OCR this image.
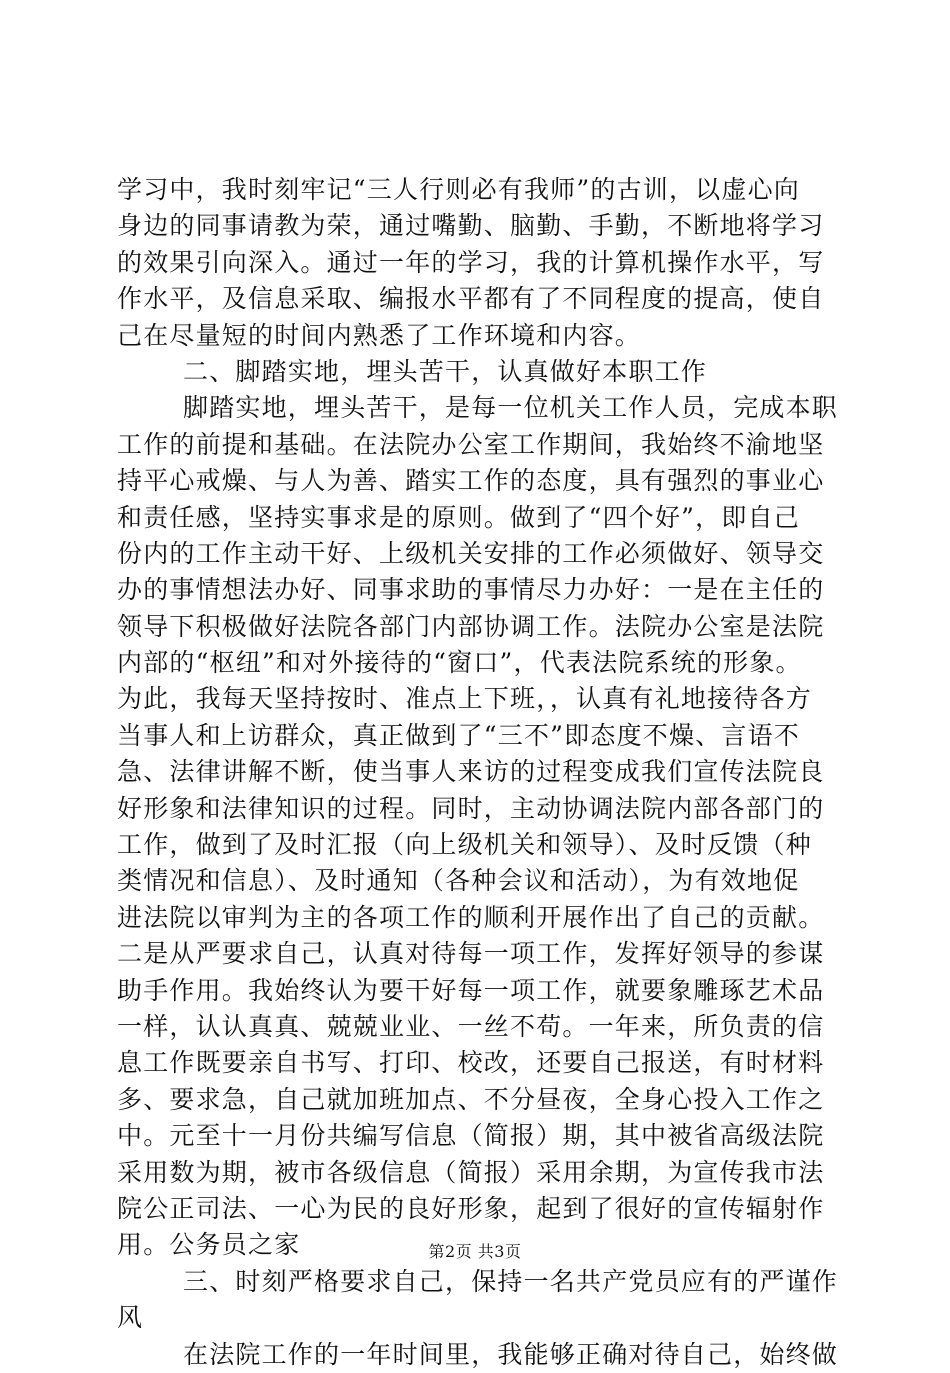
学习中，我时刻牢记“三人行则必有我师”的古训，以虚心向
身边的同事请教为荣，通过嘴勤、脑勤、手勤，不断地将学习
的效果引向深入。通过一年的学习，我的计算机操作水平，写
作水平，及信息采取、编报水平都有了不同程度的提高，使自
己在尽量短的时间内熟悉了工作环境和内容。
二、脚踏实地，埋头苦干，认真做好本职工作
脚踏实地，埋头苦干，是每一位机关工作人员，完成本职
工作的前提和基础。在法院办公室工作期间，我始终不渝地坚
持平心戒燥、与人为善、踏实工作的态度，具有强烈的事业心
和责任感，坚持实事求是的原则。做到了“四个好”，即自己
份内的工作主动干好、上级机关安排的工作必须做好、领导交
办的事情想法办好、同事求助的事情尽力办好：一是在主任的
领导下积极做好法院各部门内部协调工作。法院办公室是法院
内部的“枢纽”和对外接待的“窗口”，代表法院系统的形象。
为此，我每天坚持按时、准点上下班，，认真有礼地接待各方
当事人和上访群众，真正做到了“三不”即态度不燥、言语不
急、法律讲解不断，使当事人来访的过程变成我们宣传法院良
好形象和法律知识的过程。同时，主动协调法院内部各部门的
工作，做到了及时汇报（向上级机关和领导）、及时反馈（种
类情况和信息）、及时通知（各种会议和活动），为有效地促
进法院以审判为主的各项工作的顺利开展作出了自己的贡献。
二是从严要求自己，认真对待每一项工作，发挥好领导的参谋
助手作用。我始终认为要干好每一项工作，就要象雕琢艺术品
一样，认认真真、兢兢业业、一丝不苟。一年来，所负责的信
息工作既要亲自书写、打印、校改，还要自己报送，有时材料
多、要求急，自己就加班加点、不分昼夜，全身心投入工作之
中。元至十一月份共编写信息（简报）期，其中被省高级法院
采用数为期，被市各级信息（简报）采用余期，为宣传我市法
院公正司法、一心为民的良好形象，起到了很好的宣传辐射作
用。公务员之家
三、时刻严格要求自己，保持一名共产党员应有的严谨作
风
在法院工作的一年时间里，我能够正确对待自己，始终做
第2页 共3页
